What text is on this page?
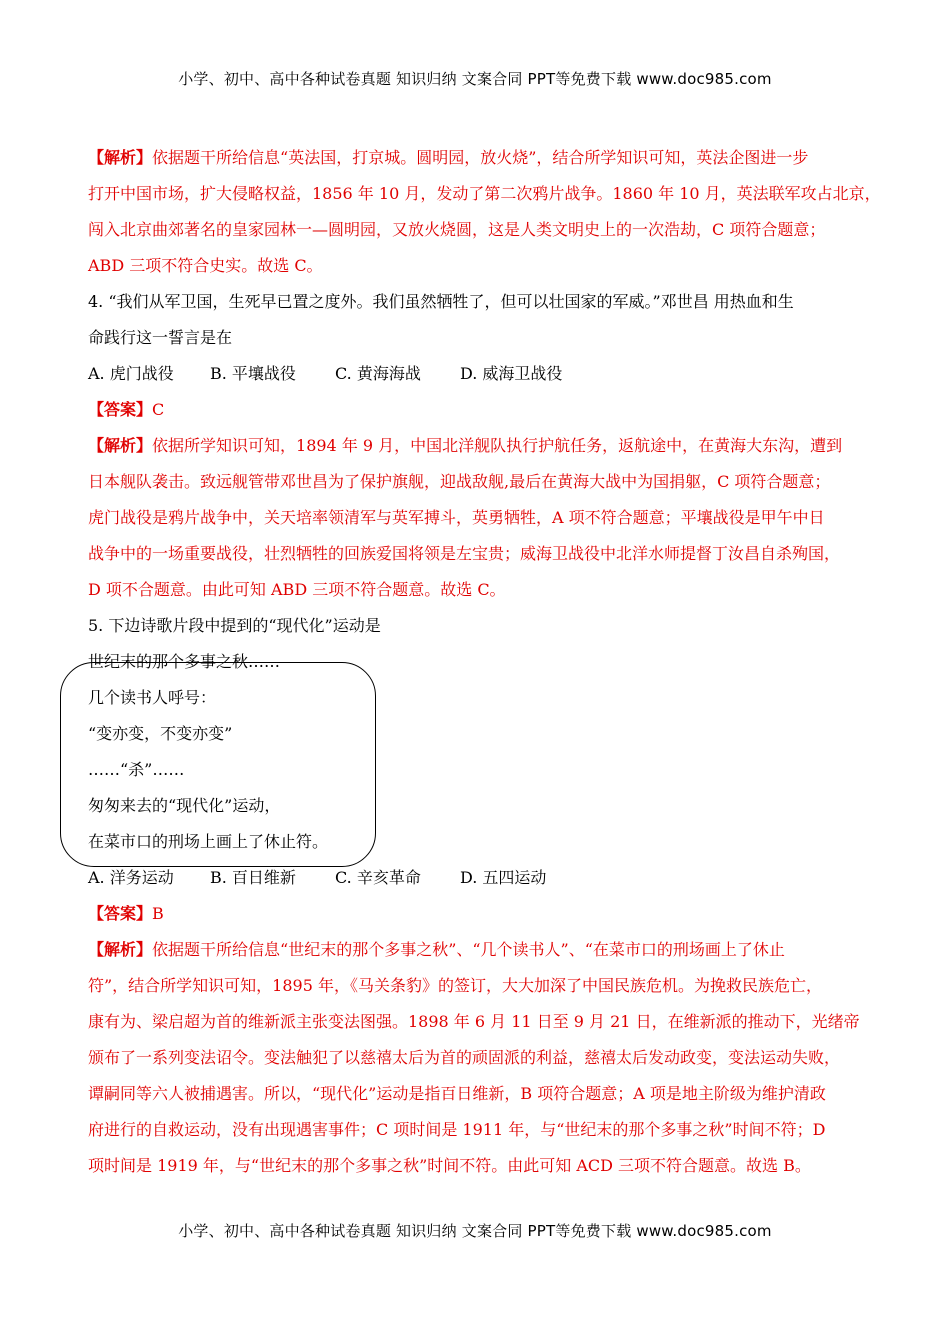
小学、初中、高中各种试卷真题 知识归纳 文案合同 PPT等免费下载 www.doc985.com
【解析】依据题干所给信息“英法国，打京城。圆明园，放火烧”，结合所学知识可知，英法企图进一步
打开中国市场，扩大侵略权益，1856 年 10 月，发动了第二次鸦片战争。1860 年 10 月，英法联军攻占北京，
闯入北京曲郊著名的皇家园林一—圆明园，又放火烧圆，这是人类文明史上的一次浩劫，C 项符合题意；
ABD 三项不符合史实。故选 C。
4. “我们从军卫国，生死早已置之度外。我们虽然牺牲了，但可以壮国家的军威。”邓世昌 用热血和生
命践行这一誓言是在
A. 虎门战役 B. 平壤战役 C. 黄海海战 D. 威海卫战役
【答案】C
【解析】依据所学知识可知，1894 年 9 月，中国北洋舰队执行护航任务，返航途中，在黄海大东沟，遭到
日本舰队袭击。致远舰管带邓世昌为了保护旗舰，迎战敌舰,最后在黄海大战中为国捐躯，C 项符合题意；
虎门战役是鸦片战争中，关天培率领清军与英军搏斗，英勇牺牲，A 项不符合题意；平壤战役是甲午中日
战争中的一场重要战役，壮烈牺牲的回族爱国将领是左宝贵；威海卫战役中北洋水师提督丁汝昌自杀殉国，
D 项不合题意。由此可知 ABD 三项不符合题意。故选 C。
5. 下边诗歌片段中提到的“现代化”运动是
世纪末的那个多事之秋……
几个读书人呼号：
“变亦变，不变亦变”
……“杀”……
匆匆来去的“现代化”运动，
在菜市口的刑场上画上了休止符。
A. 洋务运动 B. 百日维新 C. 辛亥革命 D. 五四运动
【答案】B
【解析】依据题干所给信息“世纪末的那个多事之秋”、“几个读书人”、“在菜市口的刑场画上了休止
符”，结合所学知识可知，1895 年，《马关条豹》的签订，大大加深了中国民族危机。为挽救民族危亡，
康有为、梁启超为首的维新派主张变法图强。1898 年 6 月 11 日至 9 月 21 日，在维新派的推动下，光绪帝
颁布了一系列变法诏令。变法触犯了以慈禧太后为首的顽固派的利益，慈禧太后发动政变，变法运动失败，
谭嗣同等六人被捕遇害。所以，“现代化”运动是指百日维新，B 项符合题意；A 项是地主阶级为维护清政
府进行的自救运动，没有出现遇害事件；C 项时间是 1911 年，与“世纪末的那个多事之秋”时间不符；D
项时间是 1919 年，与“世纪末的那个多事之秋”时间不符。由此可知 ACD 三项不符合题意。故选 B。
小学、初中、高中各种试卷真题 知识归纳 文案合同 PPT等免费下载 www.doc985.com
